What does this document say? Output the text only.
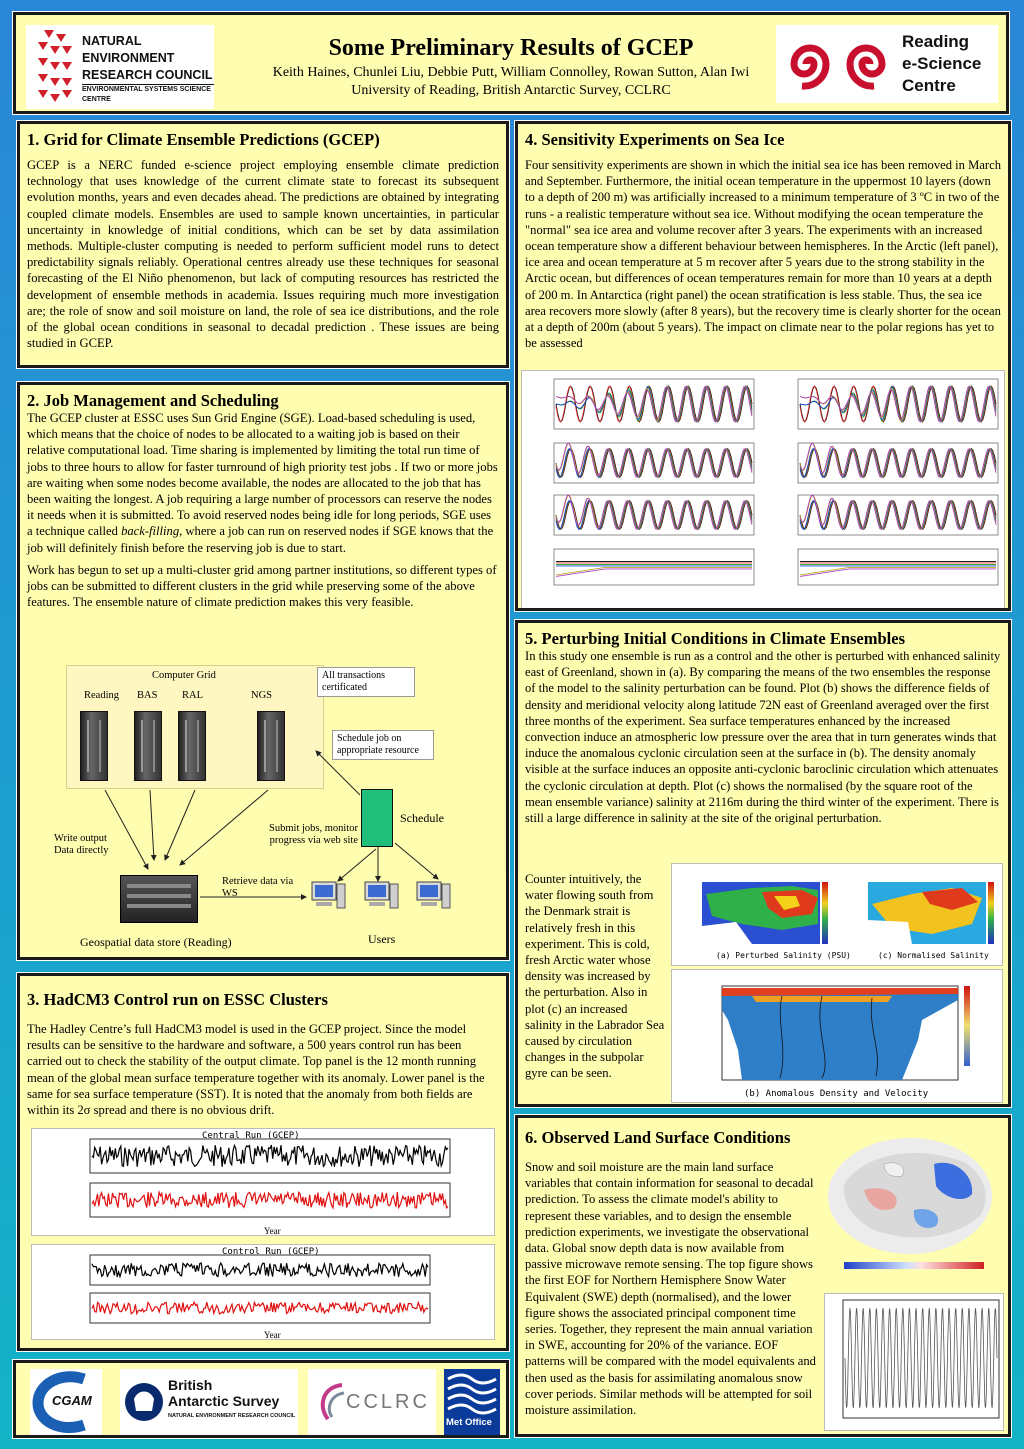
NATURAL
ENVIRONMENT
RESEARCH COUNCIL
ENVIRONMENTAL SYSTEMS SCIENCE CENTRE
Some Preliminary Results of GCEP
Keith Haines, Chunlei Liu, Debbie Putt, William Connolley, Rowan Sutton, Alan Iwi
University of Reading, British Antarctic Survey, CCLRC
Reading
e-Science
Centre
1. Grid for Climate Ensemble Predictions (GCEP)
GCEP is a NERC funded e-science project employing ensemble climate prediction technology that uses knowledge of the current climate state to forecast its subsequent evolution months, years and even decades ahead. The predictions are obtained by integrating coupled climate models. Ensembles are used to sample known uncertainties, in particular uncertainty in knowledge of initial conditions, which can be set by data assimilation methods. Multiple-cluster computing is needed to perform sufficient model runs to detect predictability signals reliably. Operational centres already use these techniques for seasonal forecasting of the El Niño phenomenon, but lack of computing resources has restricted the development of ensemble methods in academia. Issues requiring much more investigation are; the role of snow and soil moisture on land, the role of sea ice distributions, and the role of the global ocean conditions in seasonal to decadal prediction . These issues are being studied in GCEP.
2. Job Management and Scheduling
The GCEP cluster at ESSC uses Sun Grid Engine (SGE). Load-based scheduling is used, which means that the choice of nodes to be allocated to a waiting job is based on their relative computational load. Time sharing is implemented by limiting the total run time of jobs to three hours to allow for faster turnround of high priority test jobs . If two or more jobs are waiting when some nodes become available, the nodes are allocated to the job that has been waiting the longest. A job requiring a large number of processors can reserve the nodes it needs when it is submitted. To avoid reserved nodes being idle for long periods, SGE uses a technique called back-filling, where a job can run on reserved nodes if SGE knows that the job will definitely finish before the reserving job is due to start.
Work has begun to set up a multi-cluster grid among partner institutions, so different types of jobs can be submitted to different clusters in the grid while preserving some of the above features. The ensemble nature of climate prediction makes this very feasible.
Computer Grid
Reading BAS RAL	NGS
All transactions certificated
Schedule job on appropriate resource
Schedule
Submit jobs, monitor progress via web site
Write output Data directly
Retrieve data via WS
Geospatial data store (Reading)	Users
3. HadCM3 Control run on ESSC Clusters
The Hadley Centre’s full HadCM3 model is used in the GCEP project. Since the model results can be sensitive to the hardware and software, a 500 years control run has been carried out to check the stability of the output climate. Top panel is the 12 month running mean of the global mean surface temperature together with its anomaly. Lower panel is the same for sea surface temperature (SST). It is noted that the anomaly from both fields are within its 2σ spread and there is no obvious drift.
Central Run (GCEP)
Year
Control Run (GCEP)
Year
4. Sensitivity Experiments on Sea Ice
Four sensitivity experiments are shown in which the initial sea ice has been removed in March and September. Furthermore, the initial ocean temperature in the uppermost 10 layers (down to a depth of 200 m) was artificially increased to a minimum temperature of 3 ºC in two of the runs - a realistic temperature without sea ice. Without modifying the ocean temperature the "normal" sea ice area and volume recover after 3 years. The experiments with an increased ocean temperature show a different behaviour between hemispheres. In the Arctic (left panel), ice area and ocean temperature at 5 m recover after 5 years due to the strong stability in the Arctic ocean, but differences of ocean temperatures remain for more than 10 years at a depth of 200 m. In Antarctica (right panel) the ocean stratification is less stable. Thus, the sea ice area recovers more slowly (after 8 years), but the recovery time is clearly shorter for the ocean at a depth of 200m (about 5 years). The impact on climate near to the polar regions has yet to be assessed
5. Perturbing Initial Conditions in Climate Ensembles
In this study one ensemble is run as a control and the other is perturbed with enhanced salinity east of Greenland, shown in (a). By comparing the means of the two ensembles the response of the model to the salinity perturbation can be found. Plot (b) shows the difference fields of density and meridional velocity along latitude 72N east of Greenland averaged over the first three months of the experiment. Sea surface temperatures enhanced by the increased convection induce an atmospheric low pressure over the area that in turn generates winds that induce the anomalous cyclonic circulation seen at the surface in (b). The density anomaly visible at the surface induces an opposite anti-cyclonic baroclinic circulation which attenuates the cyclonic circulation at depth. Plot (c) shows the normalised (by the square root of the mean ensemble variance) salinity at 2116m during the third winter of the experiment. There is still a large difference in salinity at the site of the original perturbation.
Counter intuitively, the water flowing south from the Denmark strait is relatively fresh in this experiment. This is cold, fresh Arctic water whose density was increased by the perturbation. Also in plot (c) an increased salinity in the Labrador Sea caused by circulation changes in the subpolar gyre can be seen.
(a) Perturbed Salinity (PSU)	(c) Normalised Salinity
(b) Anomalous Density and Velocity
6. Observed Land Surface Conditions
Snow and soil moisture are the main land surface variables that contain information for seasonal to decadal prediction. To assess the climate model's ability to represent these variables, and to design the ensemble prediction experiments, we investigate the observational data. Global snow depth data is now available from passive microwave remote sensing. The top figure shows the first EOF for Northern Hemisphere Snow Water Equivalent (SWE) depth (normalised), and the lower figure shows the associated principal component time series. Together, they represent the main annual variation in SWE, accounting for 20% of the variance. EOF patterns will be compared with the model equivalents and then used as the basis for assimilating anomalous snow cover periods. Similar methods will be attempted for soil moisture assimilation.
CGAM
British
Antarctic Survey
NATURAL ENVIRONMENT RESEARCH COUNCIL
CCLRC
Met Office
